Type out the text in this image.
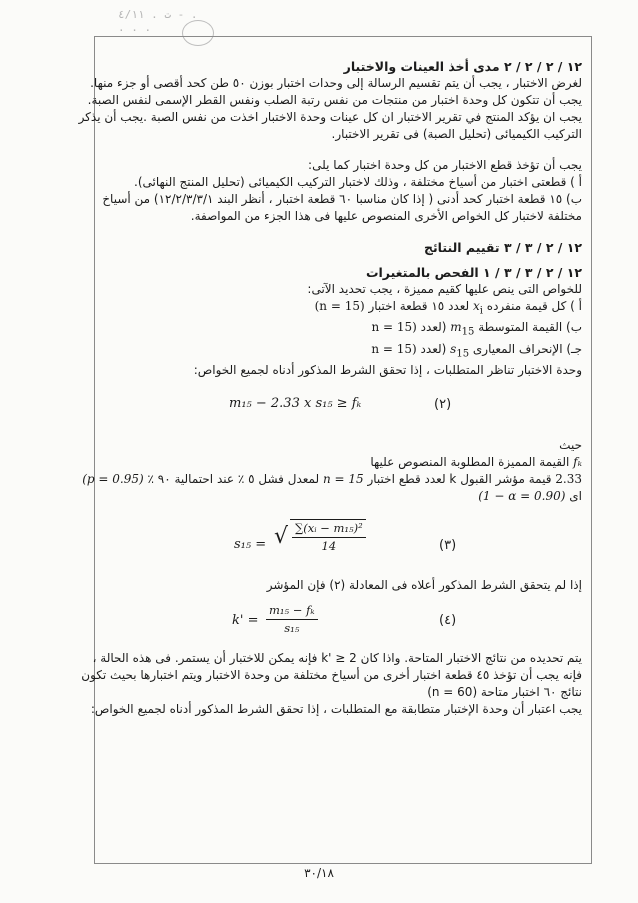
ت . ٤/١١ - . . . .
١٢ / ٢ / ٢ / ٢ مدى أخذ العينات والاختبار
لغرض الاختبار ، يجب أن يتم تقسيم الرسالة إلى وحدات اختبار بوزن ٥٠ طن كحد أقصى أو جزء منها.
يجب أن تتكون كل وحدة اختبار من منتجات من نفس رتبة الصلب ونفس القطر الإسمى لنفس الصبة.
يجب ان يؤكد المنتج في تقرير الاختبار ان كل عينات وحدة الاختبار اخذت من نفس الصبة .يجب أن يذكر
التركيب الكيميائى (تحليل الصبة) فى تقرير الاختبار.
يجب أن تؤخذ قطع الاختبار من كل وحدة اختبار كما يلى:
أ ) قطعتى اختبار من أسياخ مختلفة ، وذلك لاختبار التركيب الكيميائى (تحليل المنتج النهائى).
ب) ١٥ قطعة اختبار كحد أدنى ( إذا كان مناسبا ٦٠ قطعة اختبار ، أنظر البند ١٢/٢/٣/٣/١) من أسياخ
مختلفة لاختبار كل الخواص الأخرى المنصوص عليها فى هذا الجزء من المواصفة.
١٢ / ٢ / ٣ / ٣ تقييم النتائج
١٢ / ٢ / ٣ / ٣ / ١ الفحص بالمتغيرات
للخواص التى ينص عليها كقيم مميزة ، يجب تحديد الآتى:
أ ) كل قيمة منفرده $x_i$ لعدد ١٥ قطعة اختبار (n = 15)
ب) القيمة المتوسطة $m_{15}$ (لعدد n = 15)
جـ) الإنحراف المعيارى $s_{15}$ (لعدد n = 15)
وحدة الاختبار تناظر المتطلبات ، إذا تحقق الشرط المذكور أدناه لجميع الخواص:
m₁₅ − 2.33 x s₁₅ ≥ fₖ	(٢)
حيث
fₖ القيمة المميزة المطلوبة المنصوص عليها
2.33 قيمة مؤشر القبول k لعدد قطع اختبار n = 15 لمعدل فشل ٥ ٪ عند احتمالية ٩٠ ٪ (p = 0.95)
اى (1 − α = 0.90)
s₁₅ = √ $\frac{\text{∑(xᵢ − m₁₅)²}}{14}$	(٣)
إذا لم يتحقق الشرط المذكور أعلاه فى المعادلة (٢) فإن المؤشر
$k' = \frac{\text{m₁₅ − fₖ}}{\text{s₁₅}}$	(٤)
يتم تحديده من نتائج الاختبار المتاحة. واذا كان k' ≥ 2 فإنه يمكن للاختبار أن يستمر. فى هذه الحالة ،
فإنه يجب أن تؤخذ ٤٥ قطعة اختبار أخرى من أسياخ مختلفة من وحدة الاختبار ويتم اختبارها بحيث تكون
نتائج ٦٠ اختبار متاحة (n = 60)
يجب اعتبار أن وحدة الإختبار متطابقة مع المتطلبات ، إذا تحقق الشرط المذكور أدناه لجميع الخواص:
٣٠/١٨
